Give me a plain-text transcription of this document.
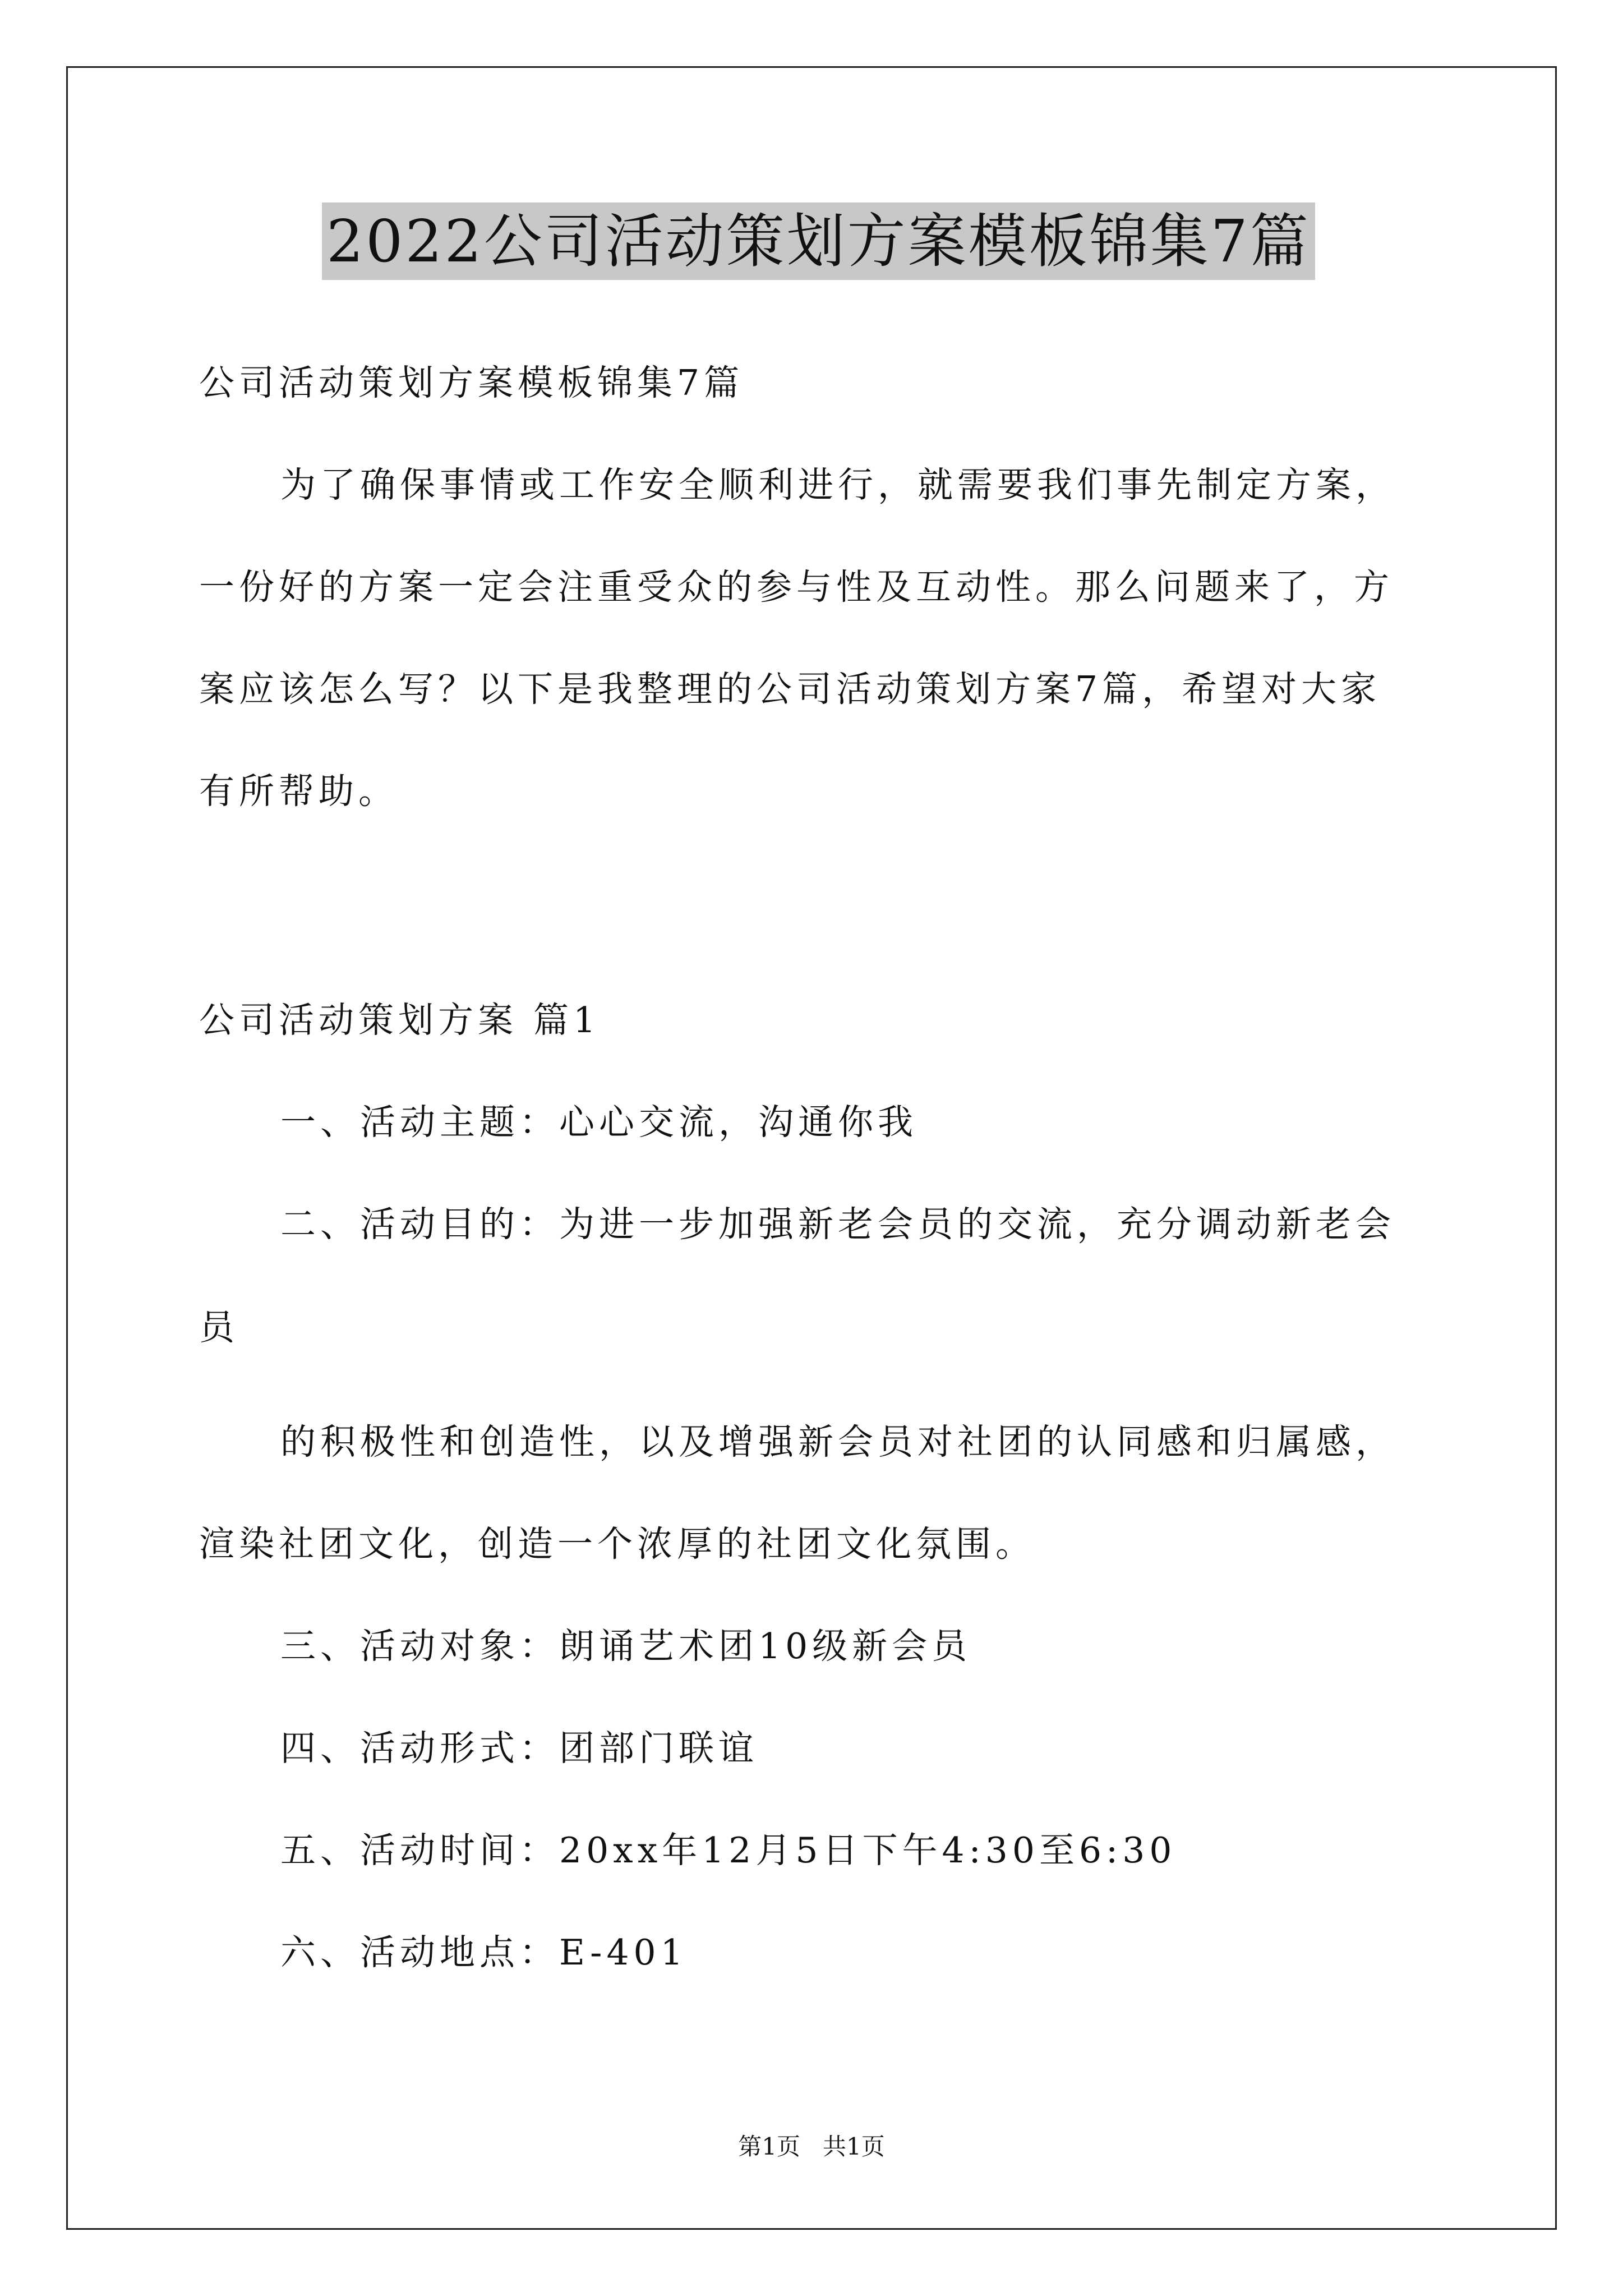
2022公司活动策划方案模板锦集7篇
公司活动策划方案模板锦集7篇
为了确保事情或工作安全顺利进行，就需要我们事先制定方案，
一份好的方案一定会注重受众的参与性及互动性。那么问题来了，方
案应该怎么写？以下是我整理的公司活动策划方案7篇，希望对大家
有所帮助。
公司活动策划方案 篇1
一、活动主题：心心交流，沟通你我
二、活动目的：为进一步加强新老会员的交流，充分调动新老会
员
的积极性和创造性，以及增强新会员对社团的认同感和归属感，
渲染社团文化，创造一个浓厚的社团文化氛围。
三、活动对象：朗诵艺术团10级新会员
四、活动形式：团部门联谊
五、活动时间：20xx年12月5日下午4:30至6:30
六、活动地点：E-401
第1页   共1页
